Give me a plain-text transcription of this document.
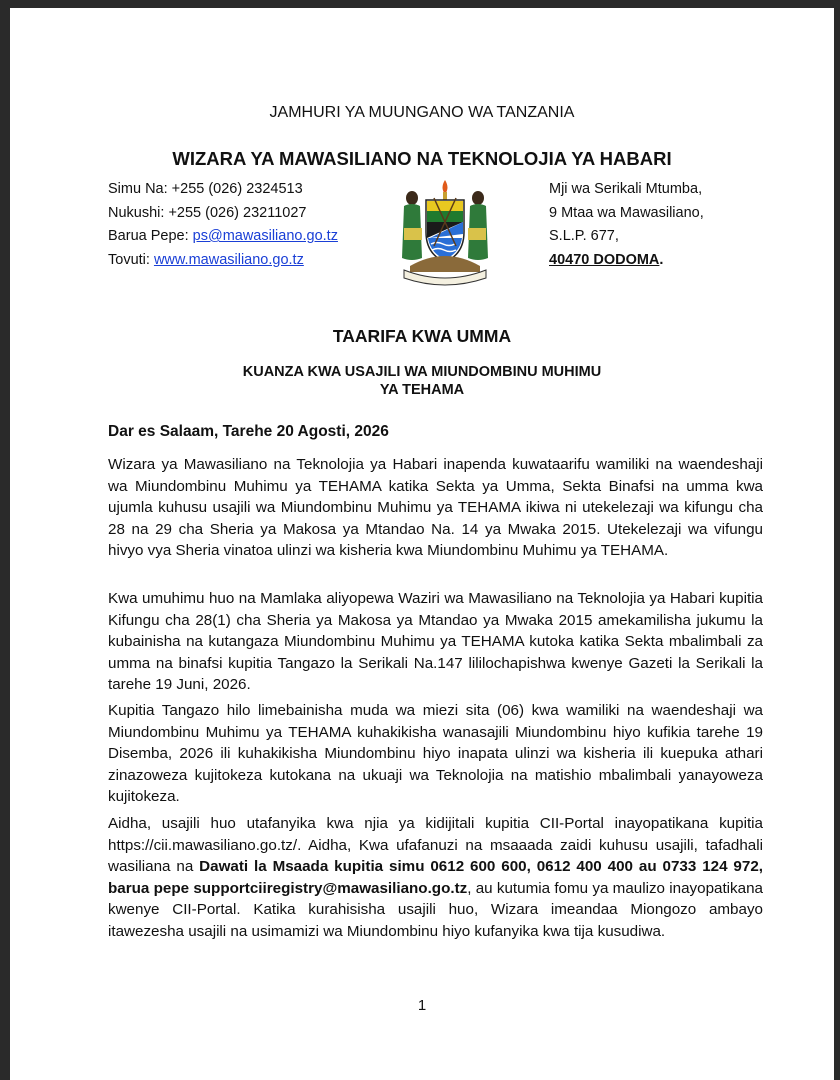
JAMHURI YA MUUNGANO WA TANZANIA
WIZARA YA MAWASILIANO NA TEKNOLOJIA YA HABARI
Simu Na: +255 (026) 2324513
Nukushi: +255 (026) 23211027
Barua Pepe: ps@mawasiliano.go.tz
Tovuti: www.mawasiliano.go.tz
Mji wa Serikali Mtumba,
9 Mtaa wa Mawasiliano,
S.L.P. 677,
40470 DODOMA.
TAARIFA KWA UMMA
KUANZA KWA USAJILI WA MIUNDOMBINU MUHIMU
YA TEHAMA
Dar es Salaam, Tarehe 20 Agosti, 2026
Wizara ya Mawasiliano na Teknolojia ya Habari inapenda kuwataarifu wamiliki na waendeshaji wa Miundombinu Muhimu ya TEHAMA katika Sekta ya Umma, Sekta Binafsi na umma kwa ujumla kuhusu usajili wa Miundombinu Muhimu ya TEHAMA ikiwa ni utekelezaji wa kifungu cha 28 na 29 cha Sheria ya Makosa ya Mtandao Na. 14 ya Mwaka 2015. Utekelezaji wa vifungu hivyo vya Sheria vinatoa ulinzi wa kisheria kwa Miundombinu Muhimu ya TEHAMA.
Kwa umuhimu huo na Mamlaka aliyopewa Waziri wa Mawasiliano na Teknolojia ya Habari kupitia Kifungu cha 28(1) cha Sheria ya Makosa ya Mtandao ya Mwaka 2015 amekamilisha jukumu la kubainisha na kutangaza Miundombinu Muhimu ya TEHAMA kutoka katika Sekta mbalimbali za umma na binafsi kupitia Tangazo la Serikali Na.147 lililochapishwa kwenye Gazeti la Serikali la tarehe 19 Juni, 2026.
Kupitia Tangazo hilo limebainisha muda wa miezi sita (06) kwa wamiliki na waendeshaji wa Miundombinu Muhimu ya TEHAMA kuhakikisha wanasajili Miundombinu hiyo kufikia tarehe 19 Disemba, 2026 ili kuhakikisha Miundombinu hiyo inapata ulinzi wa kisheria ili kuepuka athari zinazoweza kujitokeza kutokana na ukuaji wa Teknolojia na matishio mbalimbali yanayoweza kujitokeza.
Aidha, usajili huo utafanyika kwa njia ya kidijitali kupitia CII-Portal inayopatikana kupitia https://cii.mawasiliano.go.tz/. Aidha, Kwa ufafanuzi na msaaada zaidi kuhusu usajili, tafadhali wasiliana na Dawati la Msaada kupitia simu 0612 600 600, 0612 400 400 au 0733 124 972, barua pepe supportciiregistry@mawasiliano.go.tz, au kutumia fomu ya maulizo inayopatikana kwenye CII-Portal. Katika kurahisisha usajili huo, Wizara imeandaa Miongozo ambayo itawezesha usajili na usimamizi wa Miundombinu hiyo kufanyika kwa tija kusudiwa.
1
